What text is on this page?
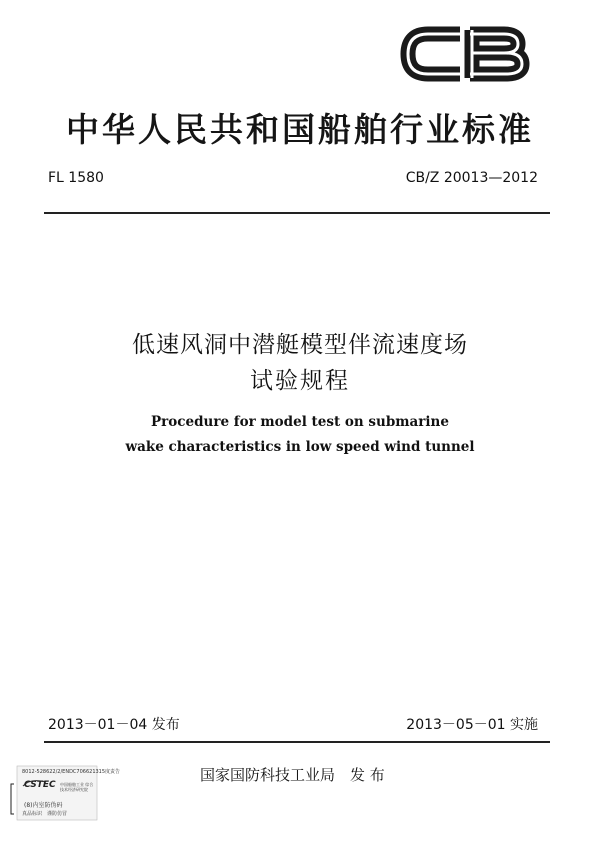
CB
中华人民共和国船舶行业标准
FL 1580	CB/Z 20013—2012
低速风洞中潜艇模型伴流速度场
试验规程
Procedure for model test on submarine
wake characteristics in low speed wind tunnel
2013－01－04 发布	2013－05－01 实施
国家国防科技工业局　发 布
8012-528622/2/ENDC706621315度责告
CSTEC 中国船舶工业 综合技术经济研究院
(8)内室防伪码
真品标识　谨防仿冒
